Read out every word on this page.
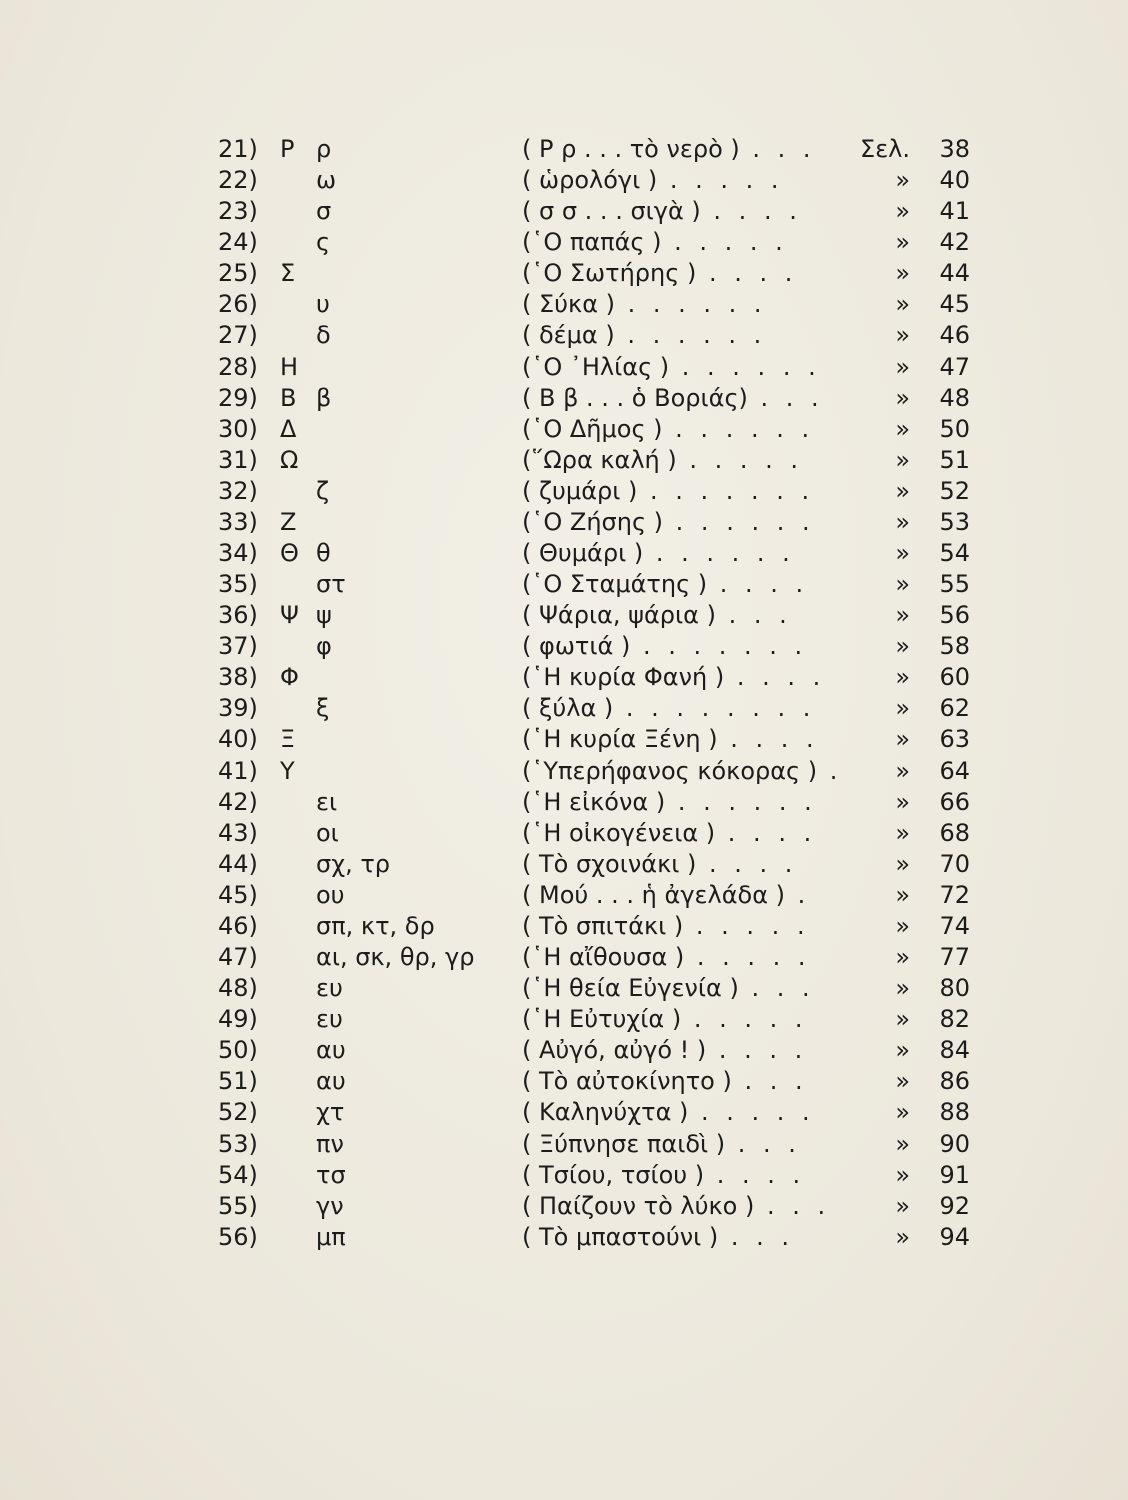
21) Ρ ρ	( Ρ ρ . . . τὸ νερὸ ) . . .	Σελ.	38
22)	ω	( ὡρολόγι ) . . . . .	»	40
23)	σ	( σ σ . . . σιγὰ ) . . . .	»	41
24)	ς	(῾Ο παπάς ) . . . . .	»	42
25) Σ	(῾Ο Σωτήρης ) . . . .	»	44
26)	υ	( Σύκα ) . . . . . .	»	45
27)	δ	( δέμα ) . . . . . .	»	46
28) Η	(῾Ο ᾿Ηλίας ) . . . . . .	»	47
29) Β β	( Β β . . . ὁ Βοριάς) . . .	»	48
30) Δ	(῾Ο Δῆμος ) . . . . . .	»	50
31) Ω	(῞Ωρα καλή ) . . . . .	»	51
32)	ζ	( ζυμάρι ) . . . . . . .	»	52
33) Ζ	(῾Ο Ζήσης ) . . . . . .	»	53
34) Θ θ	( Θυμάρι ) . . . . . .	»	54
35)	στ	(῾Ο Σταμάτης ) . . . .	»	55
36) Ψ ψ	( Ψάρια, ψάρια ) . . .	»	56
37)	φ	( φωτιά ) . . . . . . .	»	58
38) Φ	(῾Η κυρία Φανή ) . . . .	»	60
39)	ξ	( ξύλα ) . . . . . . . .	»	62
40) Ξ	(῾Η κυρία Ξένη ) . . . .	»	63
41) Υ	(῾Υπερήφανος κόκορας ) .	»	64
42)	ει	(῾Η εἰκόνα ) . . . . . .	»	66
43)	οι	(῾Η οἰκογένεια ) . . . .	»	68
44)	σχ, τρ	( Τὸ σχοινάκι ) . . . .	»	70
45)	ου	( Μού . . . ἡ ἀγελάδα ) .	»	72
46)	σπ, κτ, δρ	( Τὸ σπιτάκι ) . . . . .	»	74
47)	αι, σκ, θρ, γρ (῾Η αἴθουσα ) . . . . .	»	77
48)	ευ	(῾Η θεία Εὐγενία ) . . .	»	80
49)	ευ	(῾Η Εὐτυχία ) . . . . .	»	82
50)	αυ	( Αὐγό, αὐγό ! ) . . . .	»	84
51)	αυ	( Τὸ αὐτοκίνητο ) . . .	»	86
52)	χτ	( Καληνύχτα ) . . . . .	»	88
53)	πν	( Ξύπνησε παιδὶ ) . . .	»	90
54)	τσ	( Τσίου, τσίου ) . . . .	»	91
55)	γν	( Παίζουν τὸ λύκο ) . . .	»	92
56)	μπ	( Τὸ μπαστούνι ) . . .	»	94
